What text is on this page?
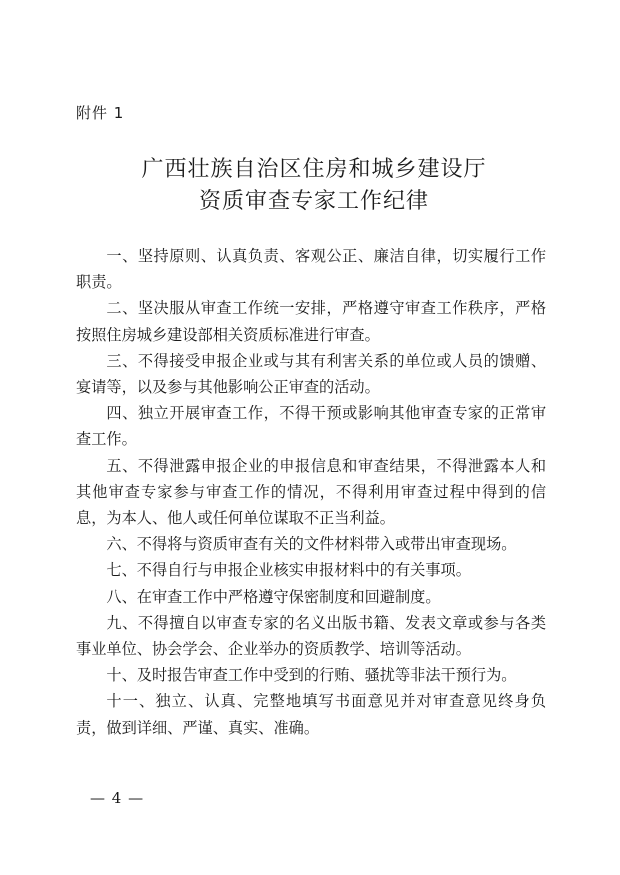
附件 1
广西壮族自治区住房和城乡建设厅
资质审查专家工作纪律

一、坚持原则、认真负责、客观公正、廉洁自律，切实履行工作职责。

二、坚决服从审查工作统一安排，严格遵守审查工作秩序，严格按照住房城乡建设部相关资质标准进行审查。

三、不得接受申报企业或与其有利害关系的单位或人员的馈赠、宴请等，以及参与其他影响公正审查的活动。

四、独立开展审查工作，不得干预或影响其他审查专家的正常审查工作。

五、不得泄露申报企业的申报信息和审查结果，不得泄露本人和其他审查专家参与审查工作的情况，不得利用审查过程中得到的信息，为本人、他人或任何单位谋取不正当利益。

六、不得将与资质审查有关的文件材料带入或带出审查现场。

七、不得自行与申报企业核实申报材料中的有关事项。

八、在审查工作中严格遵守保密制度和回避制度。

九、不得擅自以审查专家的名义出版书籍、发表文章或参与各类事业单位、协会学会、企业举办的资质教学、培训等活动。

十、及时报告审查工作中受到的行贿、骚扰等非法干预行为。

十一、独立、认真、完整地填写书面意见并对审查意见终身负责，做到详细、严谨、真实、准确。

— 4 —
